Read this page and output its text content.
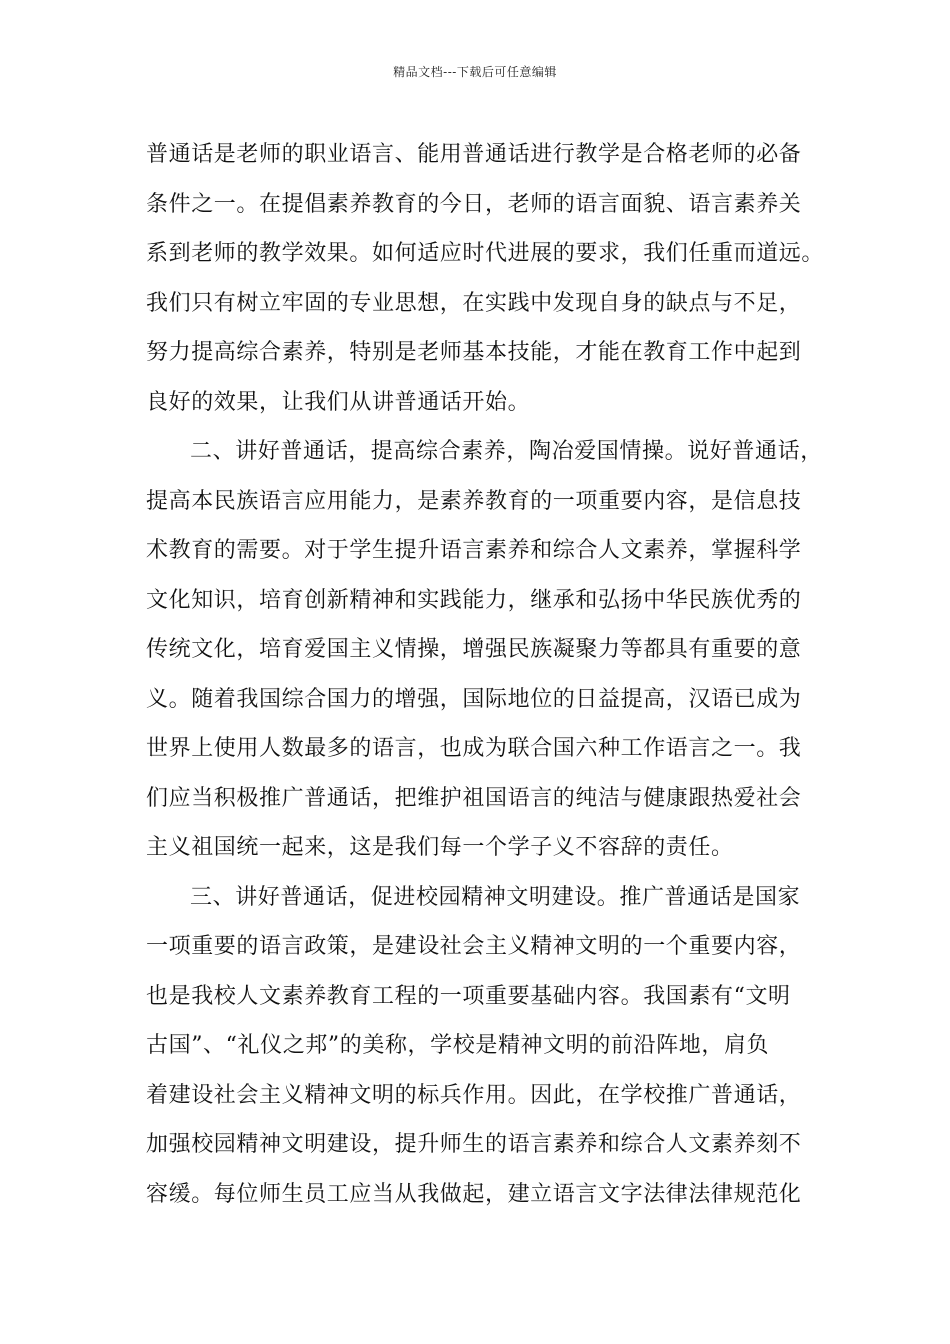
精品文档---下载后可任意编辑
普通话是老师的职业语言、能用普通话进行教学是合格老师的必备
条件之一。在提倡素养教育的今日，老师的语言面貌、语言素养关
系到老师的教学效果。如何适应时代进展的要求，我们任重而道远。
我们只有树立牢固的专业思想，在实践中发现自身的缺点与不足，
努力提高综合素养，特别是老师基本技能，才能在教育工作中起到
良好的效果，让我们从讲普通话开始。
二、讲好普通话，提高综合素养，陶冶爱国情操。说好普通话，
提高本民族语言应用能力，是素养教育的一项重要内容，是信息技
术教育的需要。对于学生提升语言素养和综合人文素养，掌握科学
文化知识，培育创新精神和实践能力，继承和弘扬中华民族优秀的
传统文化，培育爱国主义情操，增强民族凝聚力等都具有重要的意
义。随着我国综合国力的增强，国际地位的日益提高，汉语已成为
世界上使用人数最多的语言，也成为联合国六种工作语言之一。我
们应当积极推广普通话，把维护祖国语言的纯洁与健康跟热爱社会
主义祖国统一起来，这是我们每一个学子义不容辞的责任。
三、讲好普通话，促进校园精神文明建设。推广普通话是国家
一项重要的语言政策，是建设社会主义精神文明的一个重要内容，
也是我校人文素养教育工程的一项重要基础内容。我国素有“文明
古国”、“礼仪之邦”的美称，学校是精神文明的前沿阵地，肩负
着建设社会主义精神文明的标兵作用。因此，在学校推广普通话，
加强校园精神文明建设，提升师生的语言素养和综合人文素养刻不
容缓。每位师生员工应当从我做起，建立语言文字法律法律规范化
